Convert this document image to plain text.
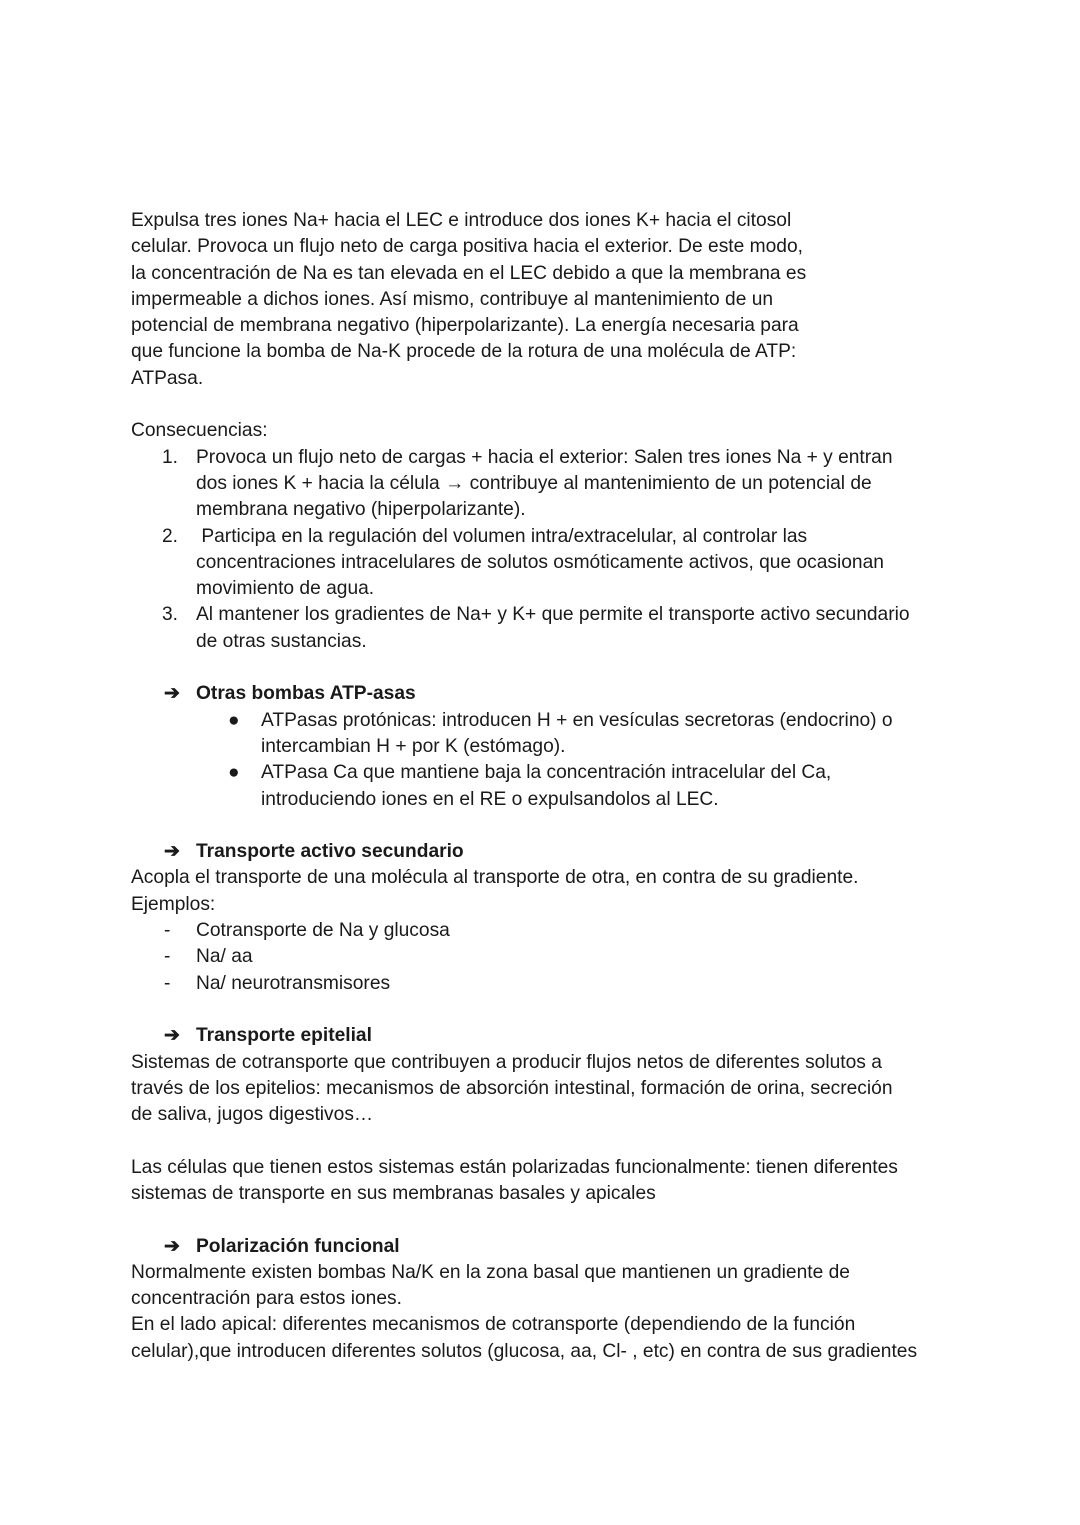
Expulsa tres iones Na+ hacia el LEC e introduce dos iones K+ hacia el citosol

celular. Provoca un flujo neto de carga positiva hacia el exterior. De este modo,

la concentración de Na es tan elevada en el LEC debido a que la membrana es

impermeable a dichos iones. Así mismo, contribuye al mantenimiento de un

potencial de membrana negativo (hiperpolarizante). La energía necesaria para

que funcione la bomba de Na-K procede de la rotura de una molécula de ATP:

ATPasa.

Consecuencias:

1. Provoca un flujo neto de cargas + hacia el exterior: Salen tres iones Na + y entran

dos iones K + hacia la célula → contribuye al mantenimiento de un potencial de

membrana negativo (hiperpolarizante).

2. Participa en la regulación del volumen intra/extracelular, al controlar las

concentraciones intracelulares de solutos osmóticamente activos, que ocasionan

movimiento de agua.

3. Al mantener los gradientes de Na+ y K+ que permite el transporte activo secundario

de otras sustancias.

➔ Otras bombas ATP-asas
● ATPasas protónicas: introducen H + en vesículas secretoras (endocrino) o

intercambian H + por K (estómago).

● ATPasa Ca que mantiene baja la concentración intracelular del Ca,

introduciendo iones en el RE o expulsandolos al LEC.

➔ Transporte activo secundario

Acopla el transporte de una molécula al transporte de otra, en contra de su gradiente.

Ejemplos:

- Cotransporte de Na y glucosa

- Na/ aa

- Na/ neurotransmisores

➔ Transporte epitelial

Sistemas de cotransporte que contribuyen a producir flujos netos de diferentes solutos a

través de los epitelios: mecanismos de absorción intestinal, formación de orina, secreción

de saliva, jugos digestivos…

Las células que tienen estos sistemas están polarizadas funcionalmente: tienen diferentes

sistemas de transporte en sus membranas basales y apicales

➔ Polarización funcional

Normalmente existen bombas Na/K en la zona basal que mantienen un gradiente de

concentración para estos iones.

En el lado apical: diferentes mecanismos de cotransporte (dependiendo de la función

celular),que introducen diferentes solutos (glucosa, aa, Cl- , etc) en contra de sus gradientes
